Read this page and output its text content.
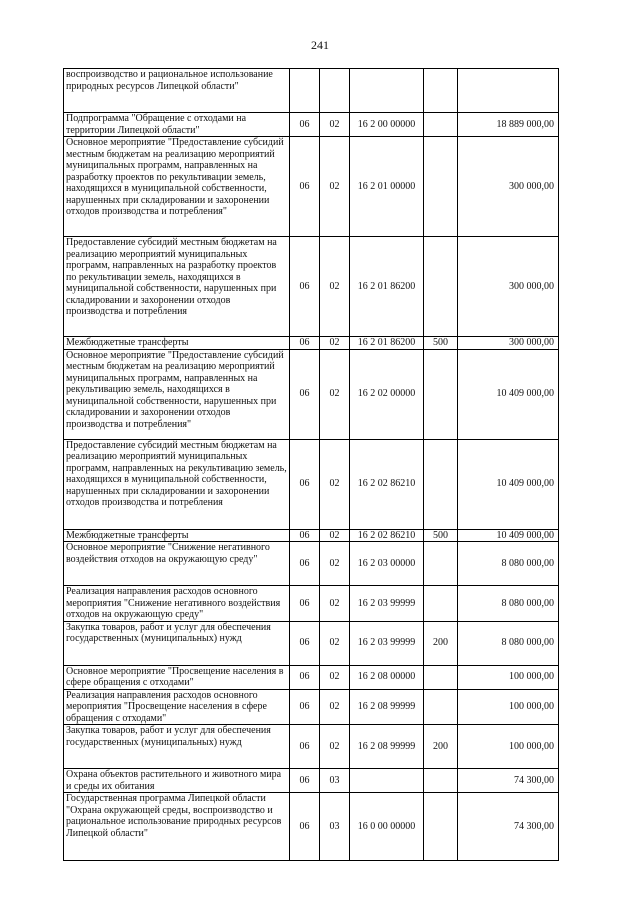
241
воспроизводство и рациональное использование природных ресурсов Липецкой области"					
Подпрограмма "Обращение с отходами на территории Липецкой области"	06	02	16 2 00 00000		18 889 000,00
Основное мероприятие "Предоставление субсидий местным бюджетам на реализацию мероприятий муниципальных программ, направленных на разработку проектов по рекультивации земель, находящихся в муниципальной собственности, нарушенных при складировании и захоронении отходов производства и потребления"	06	02	16 2 01 00000		300 000,00
Предоставление субсидий местным бюджетам на реализацию мероприятий муниципальных программ, направленных на разработку проектов по рекультивации земель, находящихся в муниципальной собственности, нарушенных при складировании и захоронении отходов производства и потребления	06	02	16 2 01 86200		300 000,00
Межбюджетные трансферты	06	02	16 2 01 86200	500	300 000,00
Основное мероприятие "Предоставление субсидий местным бюджетам на реализацию мероприятий муниципальных программ, направленных на рекультивацию земель, находящихся в муниципальной собственности, нарушенных при складировании и захоронении отходов производства и потребления"	06	02	16 2 02 00000		10 409 000,00
Предоставление субсидий местным бюджетам на реализацию мероприятий муниципальных программ, направленных на рекультивацию земель, находящихся в муниципальной собственности, нарушенных при складировании и захоронении отходов производства и потребления	06	02	16 2 02 86210		10 409 000,00
Межбюджетные трансферты	06	02	16 2 02 86210	500	10 409 000,00
Основное мероприятие "Снижение негативного воздействия отходов на окружающую среду"	06	02	16 2 03 00000		8 080 000,00
Реализация направления расходов основного мероприятия "Снижение негативного воздействия отходов на окружающую среду"	06	02	16 2 03 99999		8 080 000,00
Закупка товаров, работ и услуг для обеспечения государственных (муниципальных) нужд	06	02	16 2 03 99999	200	8 080 000,00
Основное мероприятие "Просвещение населения в сфере обращения с отходами"	06	02	16 2 08 00000		100 000,00
Реализация направления расходов основного мероприятия "Просвещение населения в сфере обращения с отходами"	06	02	16 2 08 99999		100 000,00
Закупка товаров, работ и услуг для обеспечения государственных (муниципальных) нужд	06	02	16 2 08 99999	200	100 000,00
Охрана объектов растительного и животного мира и среды их обитания	06	03			74 300,00
Государственная программа Липецкой области "Охрана окружающей среды, воспроизводство и рациональное использование природных ресурсов Липецкой области"	06	03	16 0 00 00000		74 300,00
